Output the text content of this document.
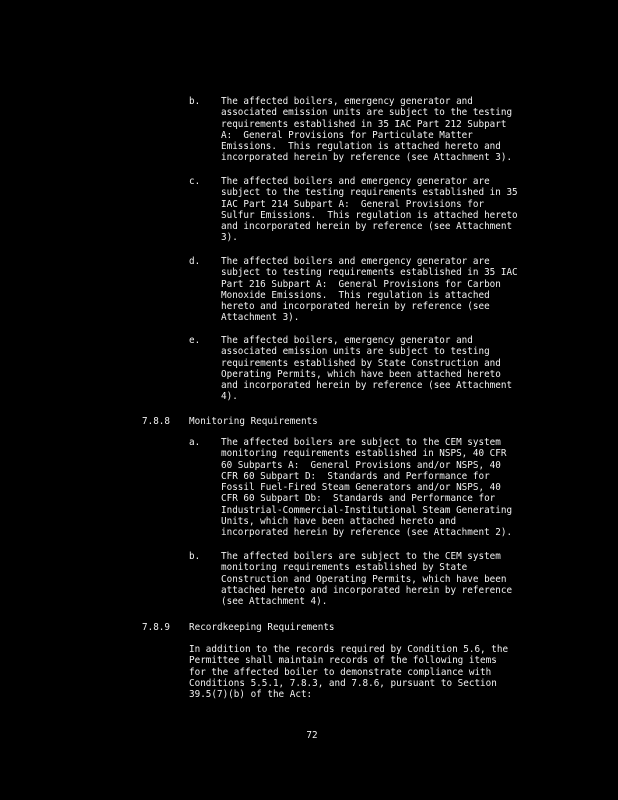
b. The affected boilers, emergency generator and
associated emission units are subject to the testing
requirements established in 35 IAC Part 212 Subpart
A:  General Provisions for Particulate Matter
Emissions.  This regulation is attached hereto and
incorporated herein by reference (see Attachment 3).
c. The affected boilers and emergency generator are
subject to the testing requirements established in 35
IAC Part 214 Subpart A:  General Provisions for
Sulfur Emissions.  This regulation is attached hereto
and incorporated herein by reference (see Attachment
3).
d. The affected boilers and emergency generator are
subject to testing requirements established in 35 IAC
Part 216 Subpart A:  General Provisions for Carbon
Monoxide Emissions.  This regulation is attached
hereto and incorporated herein by reference (see
Attachment 3).
e. The affected boilers, emergency generator and
associated emission units are subject to testing
requirements established by State Construction and
Operating Permits, which have been attached hereto
and incorporated herein by reference (see Attachment
4).
7.8.8 Monitoring Requirements
a. The affected boilers are subject to the CEM system
monitoring requirements established in NSPS, 40 CFR
60 Subparts A:  General Provisions and/or NSPS, 40
CFR 60 Subpart D:  Standards and Performance for
Fossil Fuel-Fired Steam Generators and/or NSPS, 40
CFR 60 Subpart Db:  Standards and Performance for
Industrial-Commercial-Institutional Steam Generating
Units, which have been attached hereto and
incorporated herein by reference (see Attachment 2).
b. The affected boilers are subject to the CEM system
monitoring requirements established by State
Construction and Operating Permits, which have been
attached hereto and incorporated herein by reference
(see Attachment 4).
7.8.9 Recordkeeping Requirements
In addition to the records required by Condition 5.6, the
Permittee shall maintain records of the following items
for the affected boiler to demonstrate compliance with
Conditions 5.5.1, 7.8.3, and 7.8.6, pursuant to Section
39.5(7)(b) of the Act:
72
